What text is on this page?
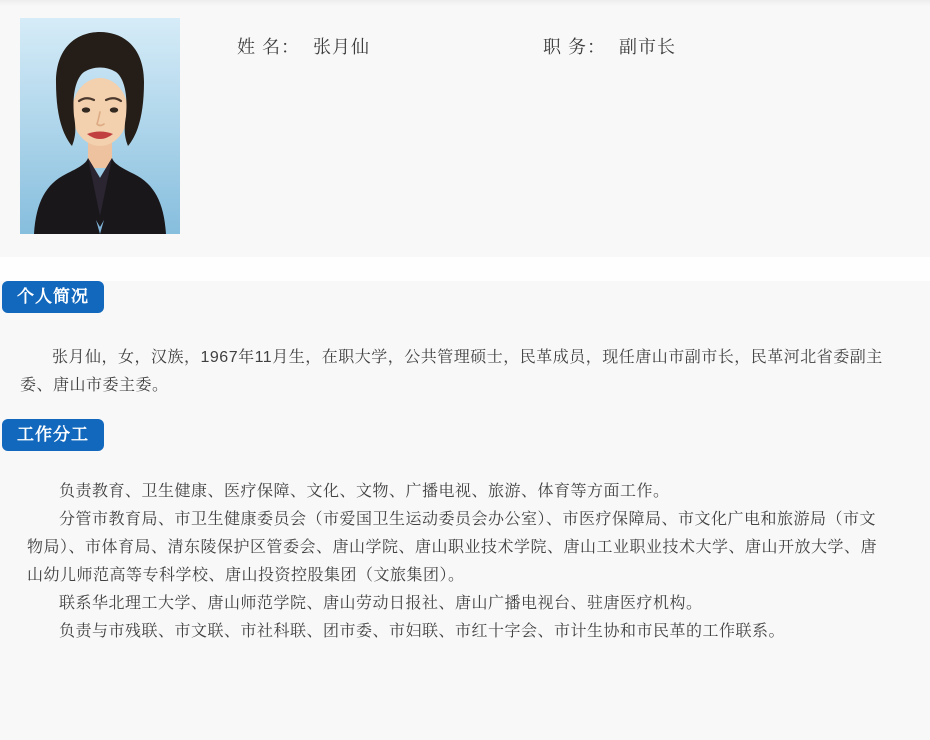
姓 名： 张月仙	职 务： 副市长
个人简况

张月仙，女，汉族，1967年11月生，在职大学，公共管理硕士，民革成员，现任唐山市副市长，民革河北省委副主委、唐山市委主委。

工作分工

负责教育、卫生健康、医疗保障、文化、文物、广播电视、旅游、体育等方面工作。

分管市教育局、市卫生健康委员会（市爱国卫生运动委员会办公室）、市医疗保障局、市文化广电和旅游局（市文物局）、市体育局、清东陵保护区管委会、唐山学院、唐山职业技术学院、唐山工业职业技术大学、唐山开放大学、唐山幼儿师范高等专科学校、唐山投资控股集团（文旅集团）。

联系华北理工大学、唐山师范学院、唐山劳动日报社、唐山广播电视台、驻唐医疗机构。

负责与市残联、市文联、市社科联、团市委、市妇联、市红十字会、市计生协和市民革的工作联系。
